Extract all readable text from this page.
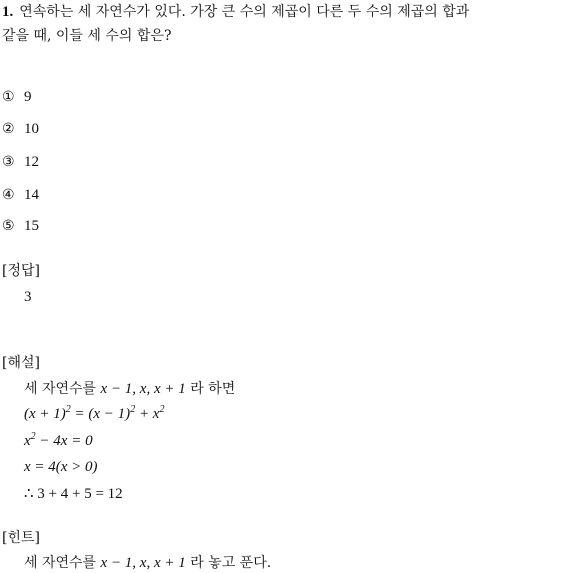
1. 연속하는 세 자연수가 있다. 가장 큰 수의 제곱이 다른 두 수의 제곱의 합과
같을 때, 이들 세 수의 합은?
① 9
② 10
③ 12
④ 14
⑤ 15
[정답]
3
[해설]
세 자연수를 x − 1, x, x + 1 라 하면
$(x + 1)^2 = (x - 1)^2 + x^2$
$x^2 - 4x = 0$
x = 4(x > 0)
∴ 3 + 4 + 5 = 12
[힌트]
세 자연수를 x − 1, x, x + 1 라 놓고 푼다.
